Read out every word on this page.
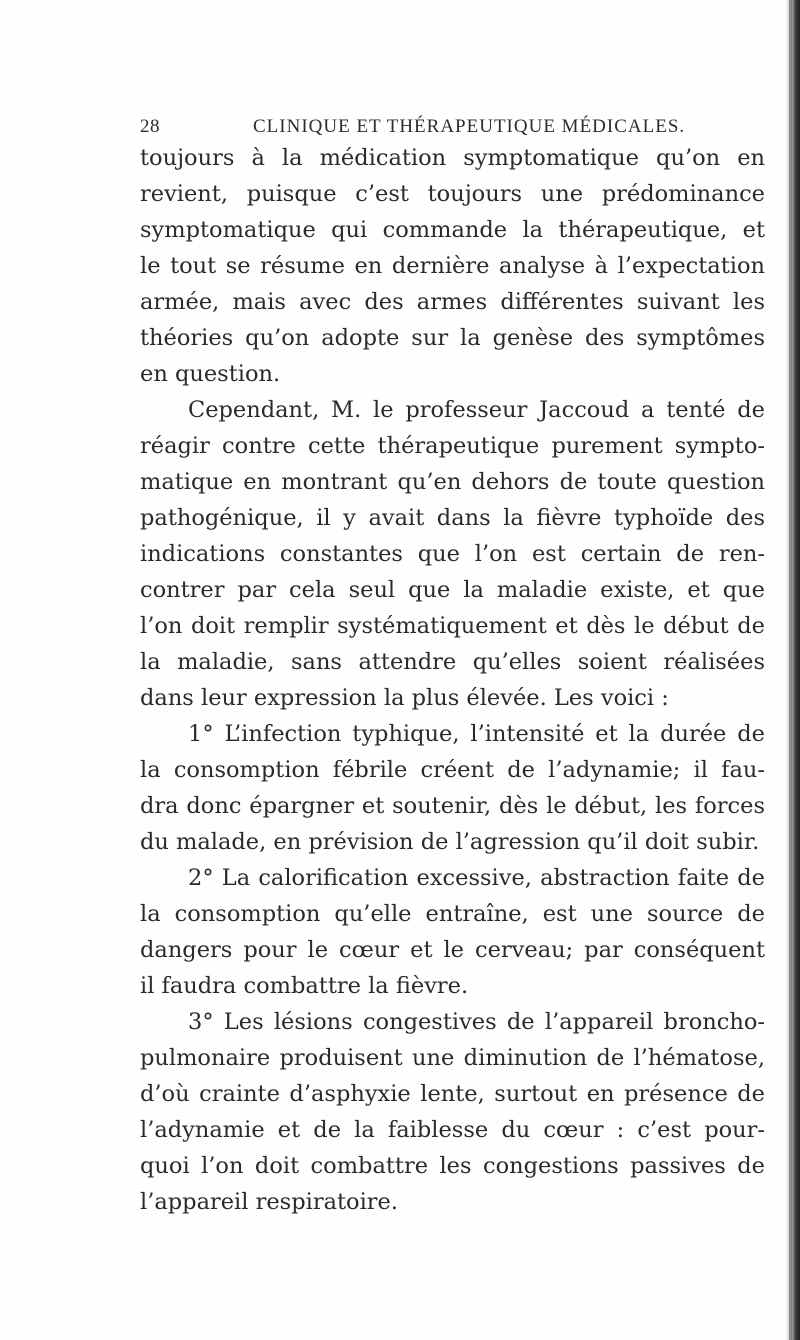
28	CLINIQUE ET THÉRAPEUTIQUE MÉDICALES.
toujours à la médication symptomatique qu’on en
revient, puisque c’est toujours une prédominance
symptomatique qui commande la thérapeutique, et
le tout se résume en dernière analyse à l’expectation
armée, mais avec des armes différentes suivant les
théories qu’on adopte sur la genèse des symptômes
en question.
Cependant, M. le professeur Jaccoud a tenté de
réagir contre cette thérapeutique purement sympto-
matique en montrant qu’en dehors de toute question
pathogénique, il y avait dans la fièvre typhoïde des
indications constantes que l’on est certain de ren-
contrer par cela seul que la maladie existe, et que
l’on doit remplir systématiquement et dès le début de
la maladie, sans attendre qu’elles soient réalisées
dans leur expression la plus élevée. Les voici :
1° L’infection typhique, l’intensité et la durée de
la consomption fébrile créent de l’adynamie; il fau-
dra donc épargner et soutenir, dès le début, les forces
du malade, en prévision de l’agression qu’il doit subir.
2° La calorification excessive, abstraction faite de
la consomption qu’elle entraîne, est une source de
dangers pour le cœur et le cerveau; par conséquent
il faudra combattre la fièvre.
3° Les lésions congestives de l’appareil broncho-
pulmonaire produisent une diminution de l’hématose,
d’où crainte d’asphyxie lente, surtout en présence de
l’adynamie et de la faiblesse du cœur : c’est pour-
quoi l’on doit combattre les congestions passives de
l’appareil respiratoire.
